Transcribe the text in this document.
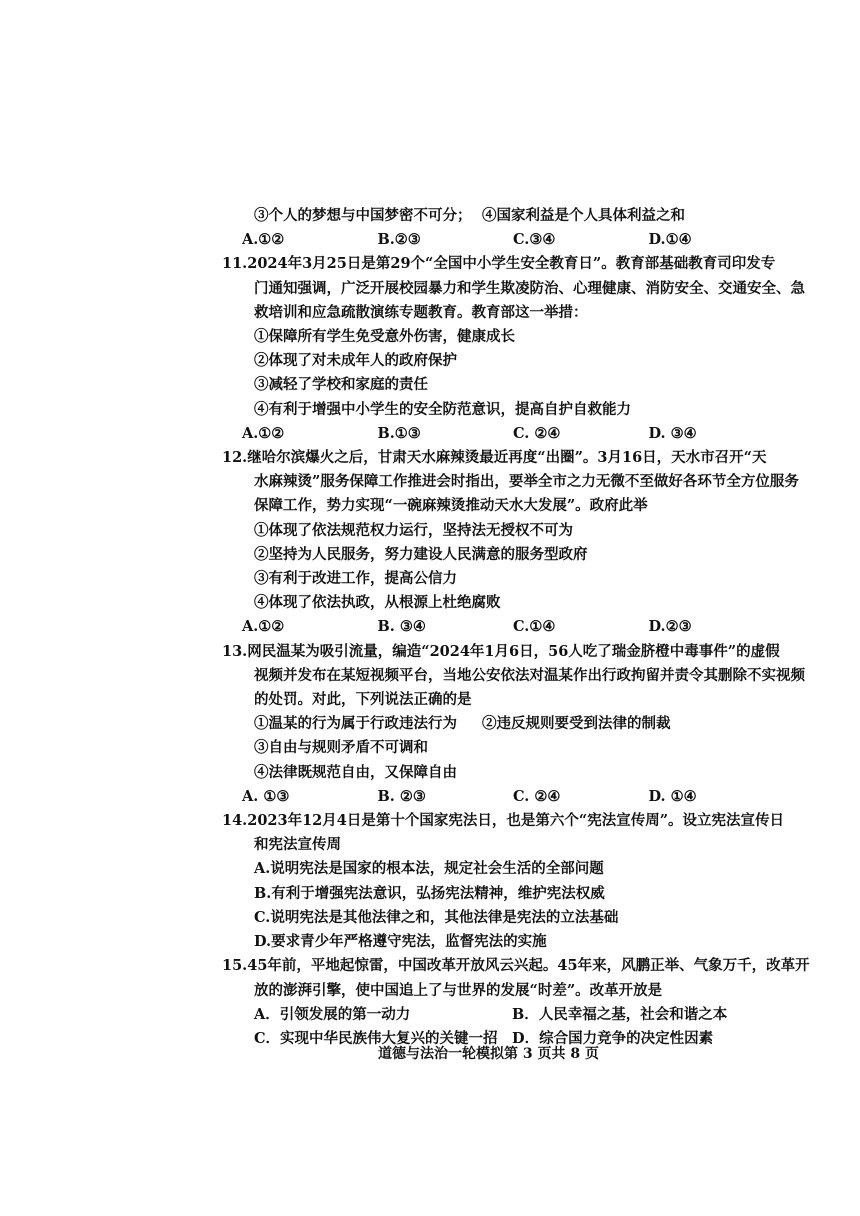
③个人的梦想与中国梦密不可分； ④国家利益是个人具体利益之和
A.①②	B.②③	C.③④	D.①④
11.2024年3月25日是第29个“全国中小学生安全教育日”。教育部基础教育司印发专
门通知强调，广泛开展校园暴力和学生欺凌防治、心理健康、消防安全、交通安全、急
救培训和应急疏散演练专题教育。教育部这一举措：
①保障所有学生免受意外伤害，健康成长
②体现了对未成年人的政府保护
③减轻了学校和家庭的责任
④有利于增强中小学生的安全防范意识，提高自护自救能力
A.①②	B.①③	C. ②④	D. ③④
12.继哈尔滨爆火之后，甘肃天水麻辣烫最近再度“出圈”。3月16日，天水市召开“天
水麻辣烫”服务保障工作推进会时指出，要举全市之力无微不至做好各环节全方位服务
保障工作，势力实现“一碗麻辣烫推动天水大发展”。政府此举
①体现了依法规范权力运行，坚持法无授权不可为
②坚持为人民服务，努力建设人民满意的服务型政府
③有利于改进工作，提高公信力
④体现了依法执政，从根源上杜绝腐败
A.①②	B. ③④	C.①④	D.②③
13.网民温某为吸引流量，编造“2024年1月6日，56人吃了瑞金脐橙中毒事件”的虚假
视频并发布在某短视频平台，当地公安依法对温某作出行政拘留并责令其删除不实视频
的处罚。对此，下列说法正确的是
①温某的行为属于行政违法行为	②违反规则要受到法律的制裁
③自由与规则矛盾不可调和
④法律既规范自由，又保障自由
A. ①③	B. ②③	C. ②④	D. ①④
14.2023年12月4日是第十个国家宪法日，也是第六个“宪法宣传周”。设立宪法宣传日
和宪法宣传周
A.说明宪法是国家的根本法，规定社会生活的全部问题
B.有利于增强宪法意识，弘扬宪法精神，维护宪法权威
C.说明宪法是其他法律之和，其他法律是宪法的立法基础
D.要求青少年严格遵守宪法，监督宪法的实施
15.45年前，平地起惊雷，中国改革开放风云兴起。45年来，风鹏正举、气象万千，改革开
放的澎湃引擎，使中国追上了与世界的发展“时差”。改革开放是
A．引领发展的第一动力	B．人民幸福之基，社会和谐之本
C．实现中华民族伟大复兴的关键一招 D．综合国力竞争的决定性因素
道德与法治一轮模拟第 3 页共 8 页
